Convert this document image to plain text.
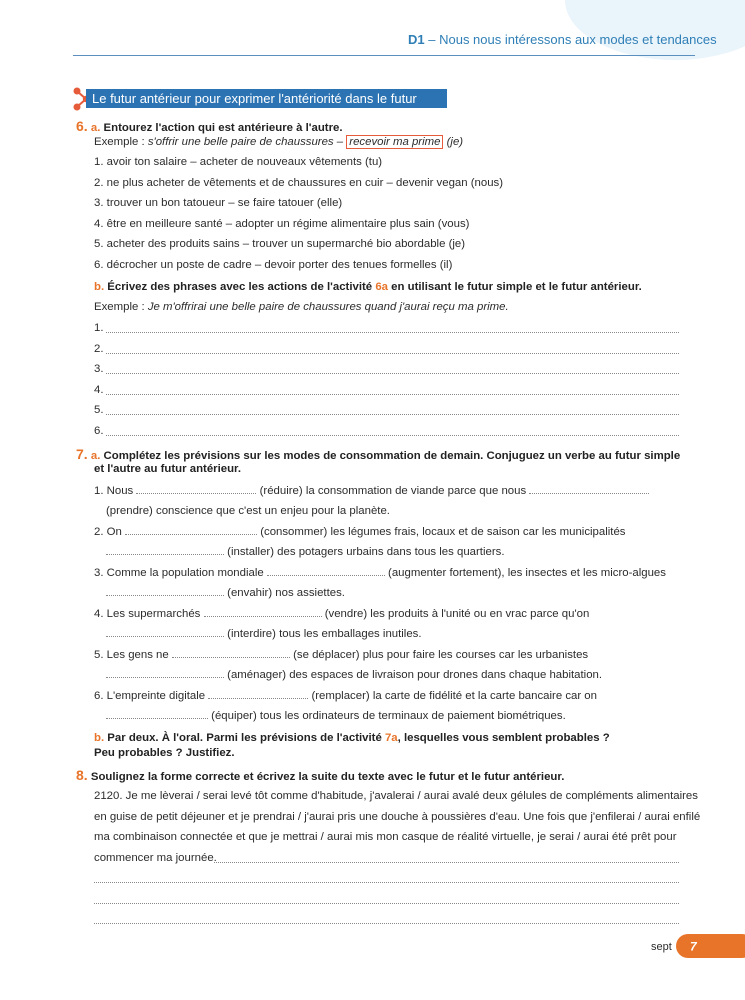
D1 – Nous nous intéressons aux modes et tendances
Le futur antérieur pour exprimer l'antériorité dans le futur
6. a. Entourez l'action qui est antérieure à l'autre.
Exemple : s'offrir une belle paire de chaussures – recevoir ma prime (je)
1. avoir ton salaire – acheter de nouveaux vêtements (tu)
2. ne plus acheter de vêtements et de chaussures en cuir – devenir vegan (nous)
3. trouver un bon tatoueur – se faire tatouer (elle)
4. être en meilleure santé – adopter un régime alimentaire plus sain (vous)
5. acheter des produits sains – trouver un supermarché bio abordable (je)
6. décrocher un poste de cadre – devoir porter des tenues formelles (il)
b. Écrivez des phrases avec les actions de l'activité 6a en utilisant le futur simple et le futur antérieur.
Exemple : Je m'offrirai une belle paire de chaussures quand j'aurai reçu ma prime.
1.
2.
3.
4.
5.
6.
7. a. Complétez les prévisions sur les modes de consommation de demain. Conjuguez un verbe au futur simple
et l'autre au futur antérieur.
1. Nous	(réduire) la consommation de viande parce que nous
(prendre) conscience que c'est un enjeu pour la planète.
2. On	(consommer) les légumes frais, locaux et de saison car les municipalités
(installer) des potagers urbains dans tous les quartiers.
3. Comme la population mondiale	(augmenter fortement), les insectes et les micro-algues
(envahir) nos assiettes.
4. Les supermarchés	(vendre) les produits à l'unité ou en vrac parce qu'on
(interdire) tous les emballages inutiles.
5. Les gens ne	(se déplacer) plus pour faire les courses car les urbanistes
(aménager) des espaces de livraison pour drones dans chaque habitation.
6. L'empreinte digitale	(remplacer) la carte de fidélité et la carte bancaire car on
(équiper) tous les ordinateurs de terminaux de paiement biométriques.
b. Par deux. À l'oral. Parmi les prévisions de l'activité 7a, lesquelles vous semblent probables ?
Peu probables ? Justifiez.
8. Soulignez la forme correcte et écrivez la suite du texte avec le futur et le futur antérieur.
2120. Je me lèverai / serai levé tôt comme d'habitude, j'avalerai / aurai avalé deux gélules de compléments alimentaires
en guise de petit déjeuner et je prendrai / j'aurai pris une douche à poussières d'eau. Une fois que j'enfilerai / aurai enfilé
ma combinaison connectée et que je mettrai / aurai mis mon casque de réalité virtuelle, je serai / aurai été prêt pour
commencer ma journée.
sept 7
